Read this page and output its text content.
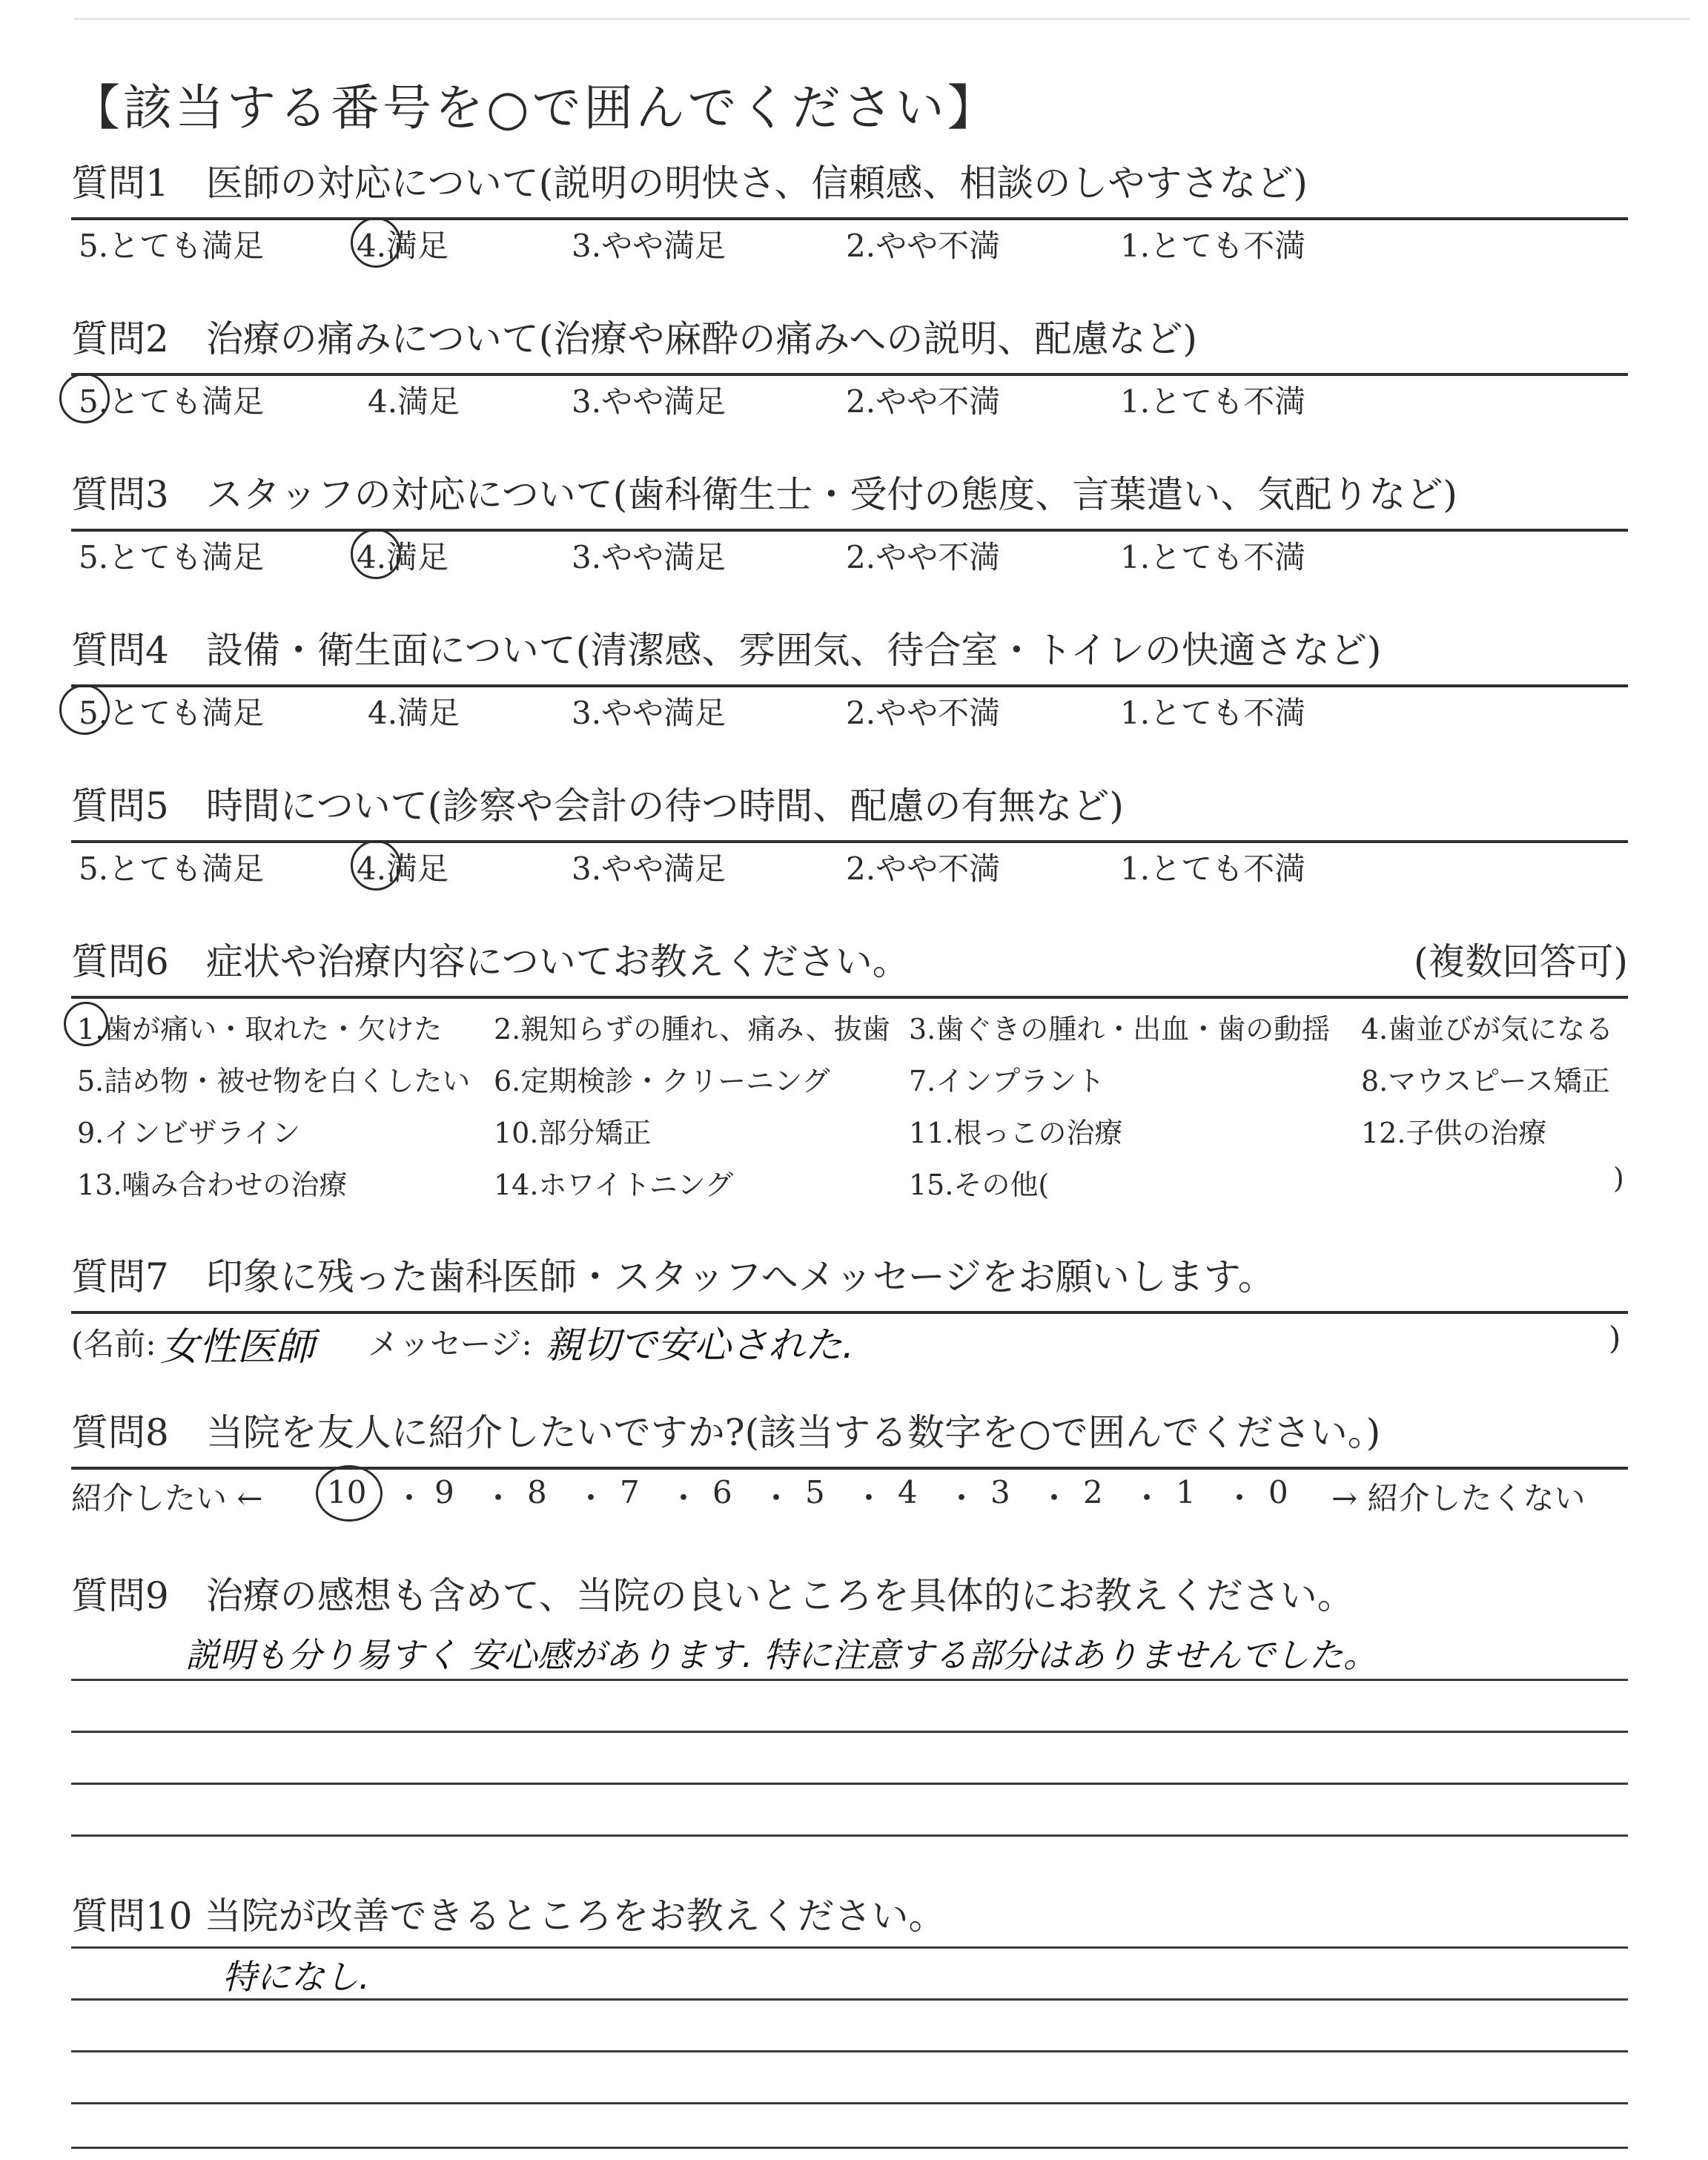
【該当する番号を○で囲んでください】
質問1　 医師の対応について(説明の明快さ、信頼感、相談のしやすさなど)
5.とても満足	4.満足	3.やや満足	2.やや不満	1.とても不満
質問2　 治療の痛みについて(治療や麻酔の痛みへの説明、配慮など)
5.とても満足	4.満足	3.やや満足	2.やや不満	1.とても不満
質問3　 スタッフの対応について(歯科衛生士・受付の態度、言葉遣い、気配りなど)
5.とても満足	4.満足	3.やや満足	2.やや不満	1.とても不満
質問4　 設備・衛生面について(清潔感、雰囲気、待合室・トイレの快適さなど)
5.とても満足	4.満足	3.やや満足	2.やや不満	1.とても不満
質問5　 時間について(診察や会計の待つ時間、配慮の有無など)
5.とても満足	4.満足	3.やや満足	2.やや不満	1.とても不満
質問6　 症状や治療内容についてお教えください。	(複数回答可)
1.歯が痛い・取れた・欠けた 2.親知らずの腫れ、痛み、抜歯 3.歯ぐきの腫れ・出血・歯の動揺 4.歯並びが気になる
5.詰め物・被せ物を白くしたい 6.定期検診・クリーニング	7.インプラント	8.マウスピース矯正
9.インビザライン	10.部分矯正	11.根っこの治療	12.子供の治療
13.噛み合わせの治療	14.ホワイトニング	15.その他(	)
質問7　 印象に残った歯科医師・スタッフへメッセージをお願いします。
(名前: 女性医師 メッセージ: 親切で安心された.	)
質問8　 当院を友人に紹介したいですか?(該当する数字を○で囲んでください。)
紹介したい ← 10 ・ 9 ・ 8 ・ 7 ・ 6 ・ 5 ・ 4 ・ 3 ・ 2 ・ 1 ・ 0 → 紹介したくない
質問9　 治療の感想も含めて、当院の良いところを具体的にお教えください。
説明も分り易すく 安心感があります. 特に注意する部分はありませんでした。
質問10 当院が改善できるところをお教えください。
特になし.
